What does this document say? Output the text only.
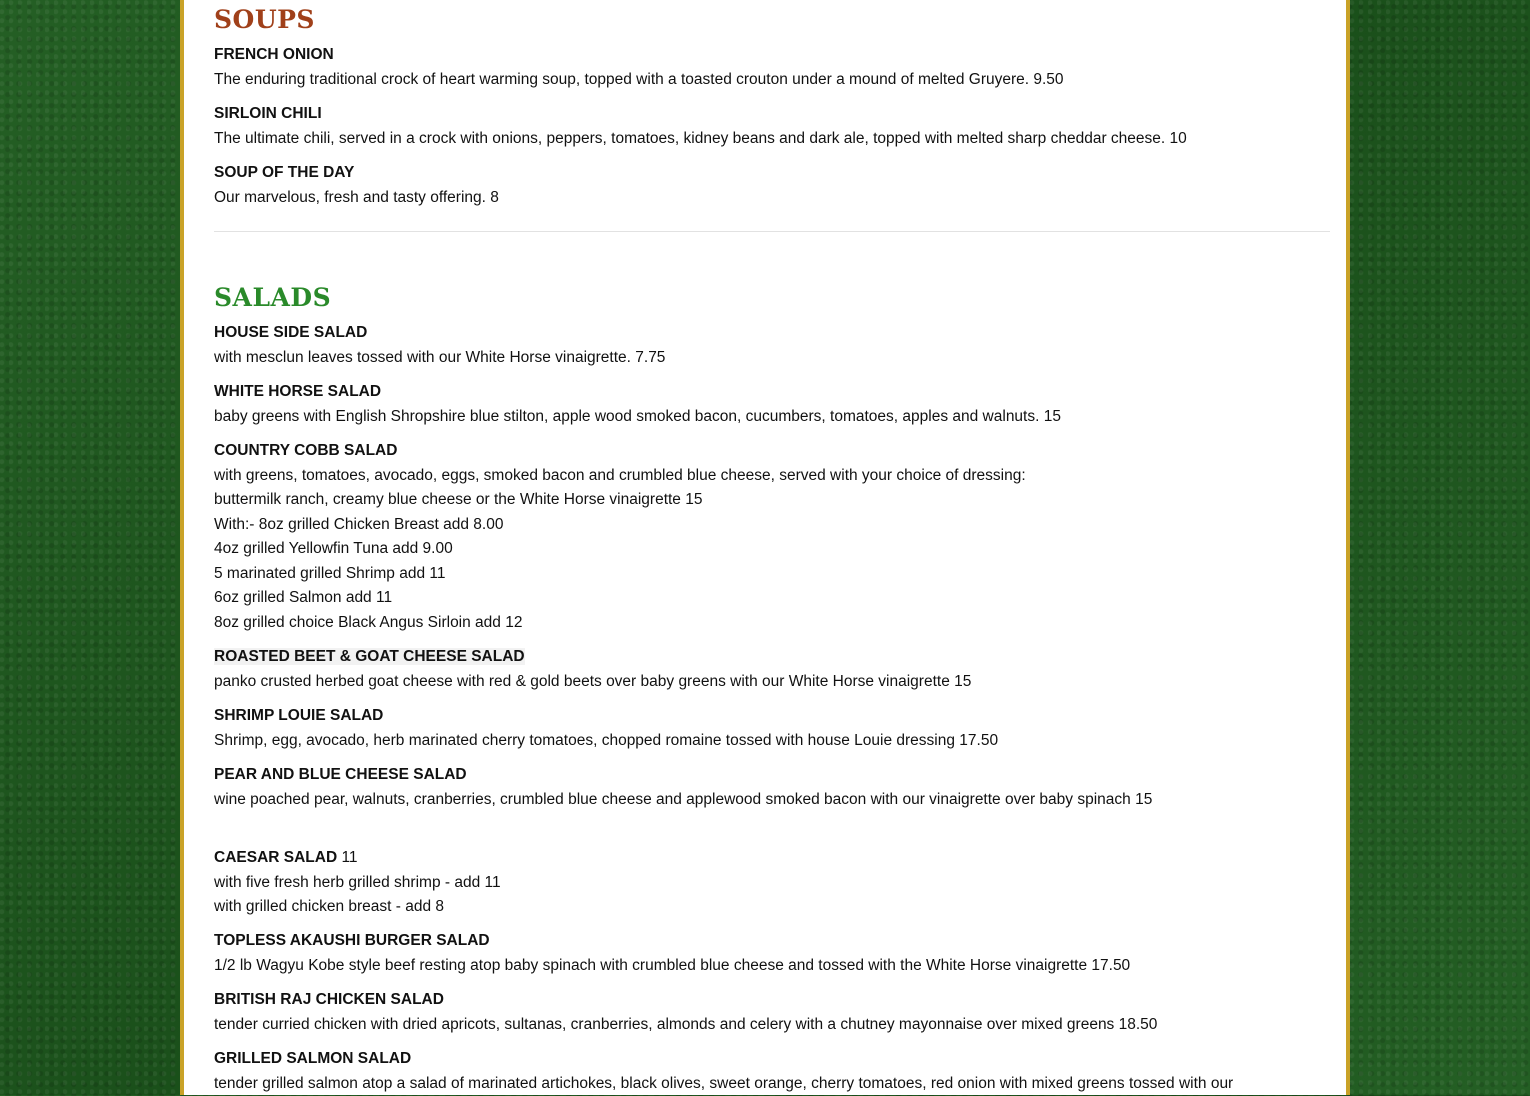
SOUPS
FRENCH ONION
The enduring traditional crock of heart warming soup, topped with a toasted crouton under a mound of melted Gruyere. 9.50
SIRLOIN CHILI
The ultimate chili, served in a crock with onions, peppers, tomatoes, kidney beans and dark ale, topped with melted sharp cheddar cheese. 10
SOUP OF THE DAY
Our marvelous, fresh and tasty offering. 8
SALADS
HOUSE SIDE SALAD
with mesclun leaves tossed with our White Horse vinaigrette. 7.75
WHITE HORSE SALAD
baby greens with English Shropshire blue stilton, apple wood smoked bacon, cucumbers, tomatoes, apples and walnuts. 15
COUNTRY COBB SALAD
with greens, tomatoes, avocado, eggs, smoked bacon and crumbled blue cheese, served with your choice of dressing:
buttermilk ranch, creamy blue cheese or the White Horse vinaigrette 15
With:- 8oz grilled Chicken Breast add 8.00
4oz grilled Yellowfin Tuna add 9.00
5 marinated grilled Shrimp add 11
6oz grilled Salmon add 11
8oz grilled choice Black Angus Sirloin add 12
ROASTED BEET & GOAT CHEESE SALAD
panko crusted herbed goat cheese with red & gold beets over baby greens with our White Horse vinaigrette 15
SHRIMP LOUIE SALAD
Shrimp, egg, avocado, herb marinated cherry tomatoes, chopped romaine tossed with house Louie dressing 17.50
PEAR AND BLUE CHEESE SALAD
wine poached pear, walnuts, cranberries, crumbled blue cheese and applewood smoked bacon with our vinaigrette over baby spinach 15
CAESAR SALAD 11
with five fresh herb grilled shrimp - add 11
with grilled chicken breast - add 8
TOPLESS AKAUSHI BURGER SALAD
1/2 lb Wagyu Kobe style beef resting atop baby spinach with crumbled blue cheese and tossed with the White Horse vinaigrette 17.50
BRITISH RAJ CHICKEN SALAD
tender curried chicken with dried apricots, sultanas, cranberries, almonds and celery with a chutney mayonnaise over mixed greens 18.50
GRILLED SALMON SALAD
tender grilled salmon atop a salad of marinated artichokes, black olives, sweet orange, cherry tomatoes, red onion with mixed greens tossed with our
